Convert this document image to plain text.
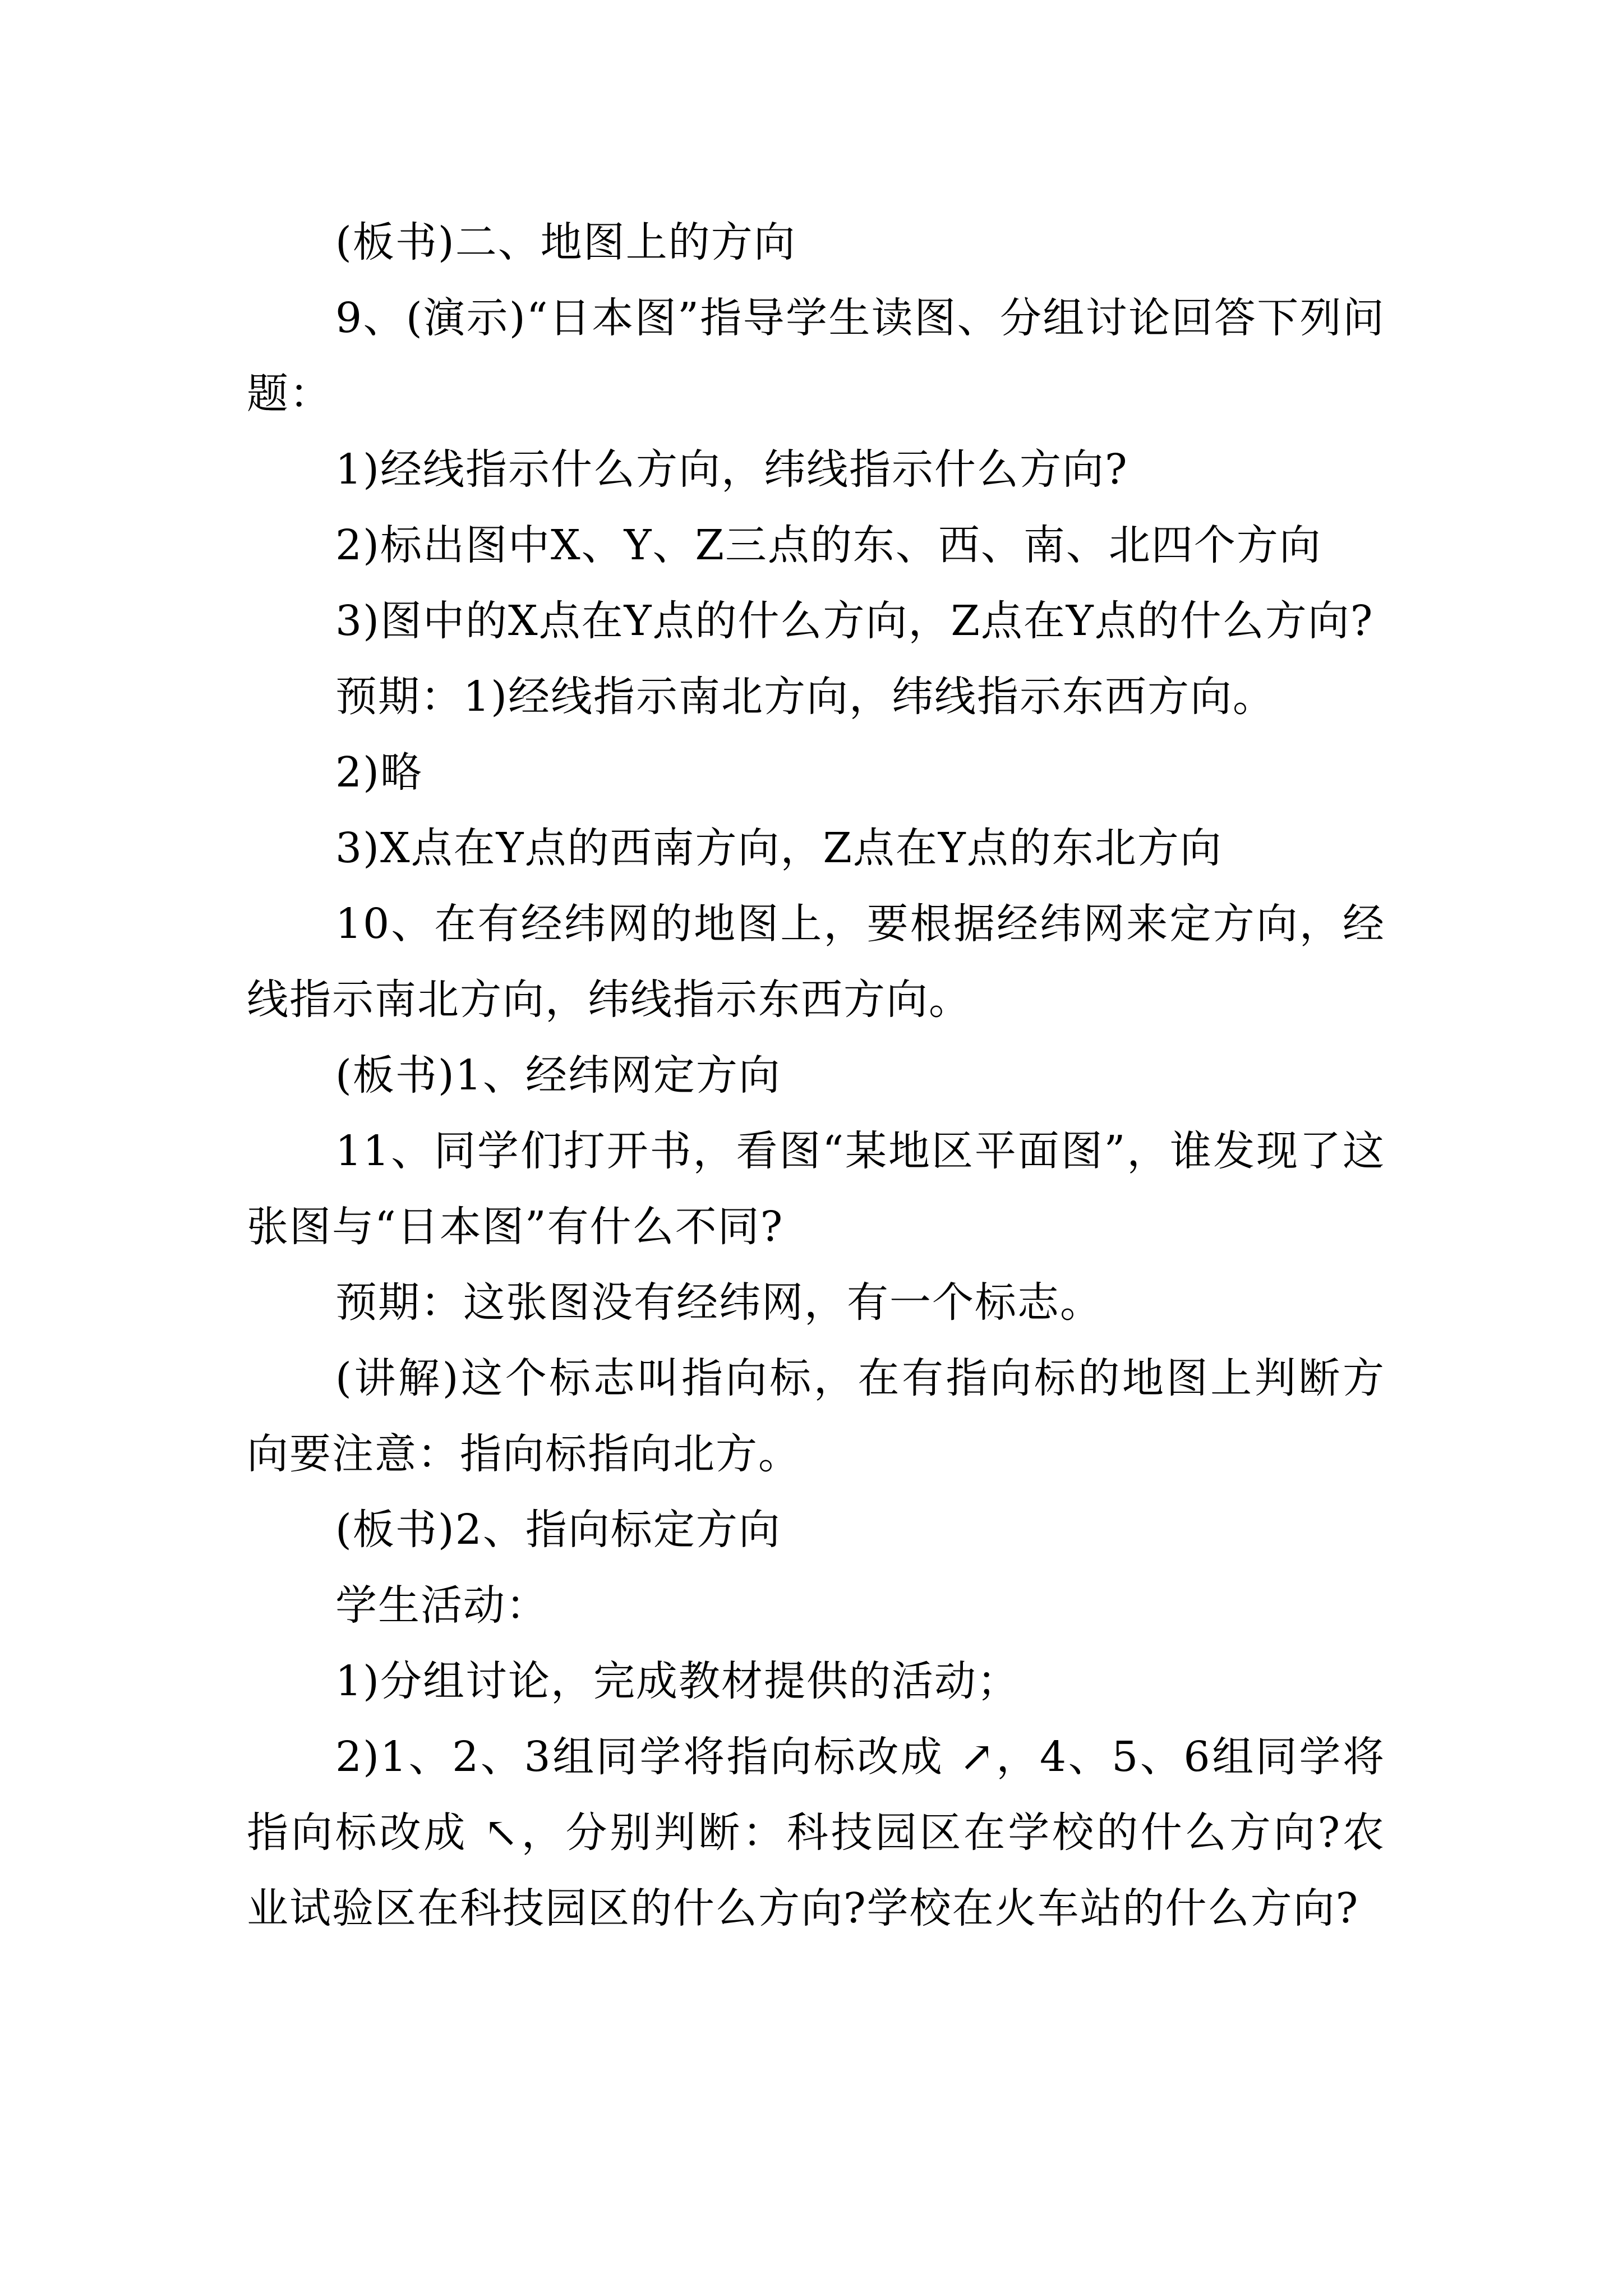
(板书)二、地图上的方向

9、(演示)“日本图”指导学生读图、分组讨论回答下列问题：

1)经线指示什么方向，纬线指示什么方向?

2)标出图中X、Y、Z三点的东、西、南、北四个方向

3)图中的X点在Y点的什么方向，Z点在Y点的什么方向?

预期：1)经线指示南北方向，纬线指示东西方向。

2)略

3)X点在Y点的西南方向，Z点在Y点的东北方向

10、在有经纬网的地图上，要根据经纬网来定方向，经线指示南北方向，纬线指示东西方向。

(板书)1、经纬网定方向

11、同学们打开书，看图“某地区平面图”，谁发现了这张图与“日本图”有什么不同?

预期：这张图没有经纬网，有一个标志。

(讲解)这个标志叫指向标，在有指向标的地图上判断方向要注意：指向标指向北方。

(板书)2、指向标定方向

学生活动：

1)分组讨论，完成教材提供的活动；

2)1、2、3组同学将指向标改成 ↗，4、5、6组同学将指向标改成 ↖，分别判断：科技园区在学校的什么方向?农业试验区在科技园区的什么方向?学校在火车站的什么方向?
